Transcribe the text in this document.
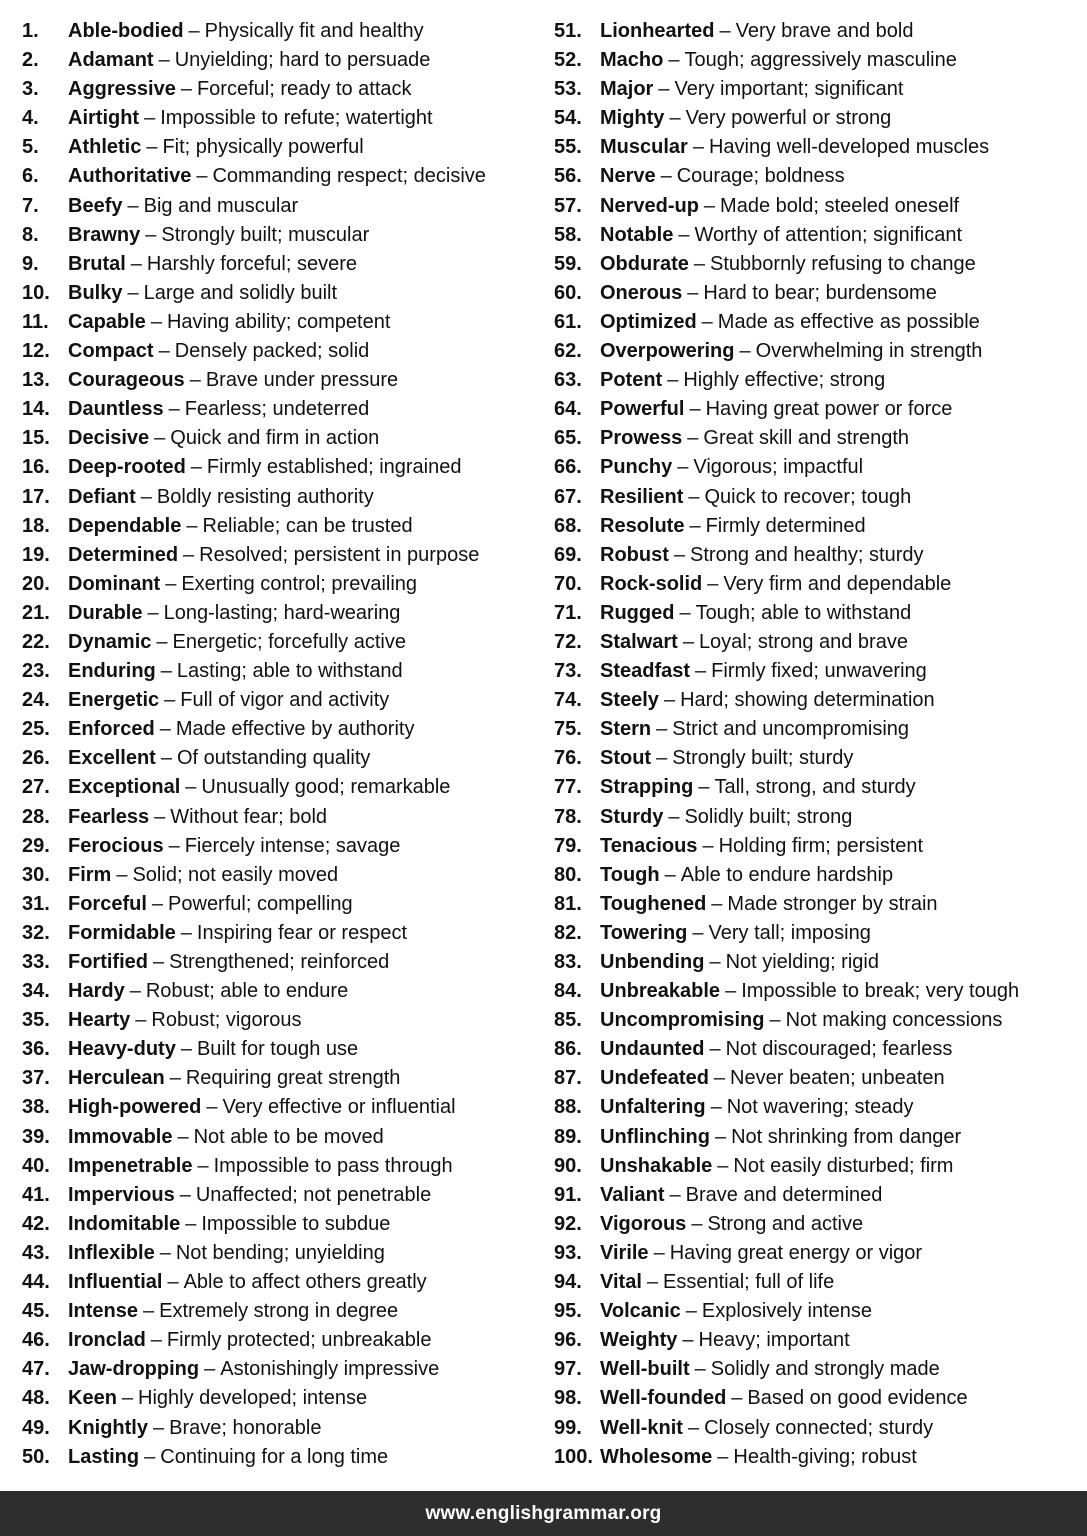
1.	Able-bodied – Physically fit and healthy
2.	Adamant – Unyielding; hard to persuade
3.	Aggressive – Forceful; ready to attack
4.	Airtight – Impossible to refute; watertight
5.	Athletic – Fit; physically powerful
6.	Authoritative – Commanding respect; decisive
7.	Beefy – Big and muscular
8.	Brawny – Strongly built; muscular
9.	Brutal – Harshly forceful; severe
10. Bulky – Large and solidly built
11. Capable – Having ability; competent
12. Compact – Densely packed; solid
13. Courageous – Brave under pressure
14. Dauntless – Fearless; undeterred
15. Decisive – Quick and firm in action
16. Deep-rooted – Firmly established; ingrained
17. Defiant – Boldly resisting authority
18. Dependable – Reliable; can be trusted
19. Determined – Resolved; persistent in purpose
20. Dominant – Exerting control; prevailing
21. Durable – Long-lasting; hard-wearing
22. Dynamic – Energetic; forcefully active
23. Enduring – Lasting; able to withstand
24. Energetic – Full of vigor and activity
25. Enforced – Made effective by authority
26. Excellent – Of outstanding quality
27. Exceptional – Unusually good; remarkable
28. Fearless – Without fear; bold
29. Ferocious – Fiercely intense; savage
30. Firm – Solid; not easily moved
31. Forceful – Powerful; compelling
32. Formidable – Inspiring fear or respect
33. Fortified – Strengthened; reinforced
34. Hardy – Robust; able to endure
35. Hearty – Robust; vigorous
36. Heavy-duty – Built for tough use
37. Herculean – Requiring great strength
38. High-powered – Very effective or influential
39. Immovable – Not able to be moved
40. Impenetrable – Impossible to pass through
41. Impervious – Unaffected; not penetrable
42. Indomitable – Impossible to subdue
43. Inflexible – Not bending; unyielding
44. Influential – Able to affect others greatly
45. Intense – Extremely strong in degree
46. Ironclad – Firmly protected; unbreakable
47. Jaw-dropping – Astonishingly impressive
48. Keen – Highly developed; intense
49. Knightly – Brave; honorable
50. Lasting – Continuing for a long time
51. Lionhearted – Very brave and bold
52. Macho – Tough; aggressively masculine
53. Major – Very important; significant
54. Mighty – Very powerful or strong
55. Muscular – Having well-developed muscles
56. Nerve – Courage; boldness
57. Nerved-up – Made bold; steeled oneself
58. Notable – Worthy of attention; significant
59. Obdurate – Stubbornly refusing to change
60. Onerous – Hard to bear; burdensome
61. Optimized – Made as effective as possible
62. Overpowering – Overwhelming in strength
63. Potent – Highly effective; strong
64. Powerful – Having great power or force
65. Prowess – Great skill and strength
66. Punchy – Vigorous; impactful
67. Resilient – Quick to recover; tough
68. Resolute – Firmly determined
69. Robust – Strong and healthy; sturdy
70. Rock-solid – Very firm and dependable
71. Rugged – Tough; able to withstand
72. Stalwart – Loyal; strong and brave
73. Steadfast – Firmly fixed; unwavering
74. Steely – Hard; showing determination
75. Stern – Strict and uncompromising
76. Stout – Strongly built; sturdy
77. Strapping – Tall, strong, and sturdy
78. Sturdy – Solidly built; strong
79. Tenacious – Holding firm; persistent
80. Tough – Able to endure hardship
81. Toughened – Made stronger by strain
82. Towering – Very tall; imposing
83. Unbending – Not yielding; rigid
84. Unbreakable – Impossible to break; very tough
85. Uncompromising – Not making concessions
86. Undaunted – Not discouraged; fearless
87. Undefeated – Never beaten; unbeaten
88. Unfaltering – Not wavering; steady
89. Unflinching – Not shrinking from danger
90. Unshakable – Not easily disturbed; firm
91. Valiant – Brave and determined
92. Vigorous – Strong and active
93. Virile – Having great energy or vigor
94. Vital – Essential; full of life
95. Volcanic – Explosively intense
96. Weighty – Heavy; important
97. Well-built – Solidly and strongly made
98. Well-founded – Based on good evidence
99. Well-knit – Closely connected; sturdy
100. Wholesome – Health-giving; robust
www.englishgrammar.org
